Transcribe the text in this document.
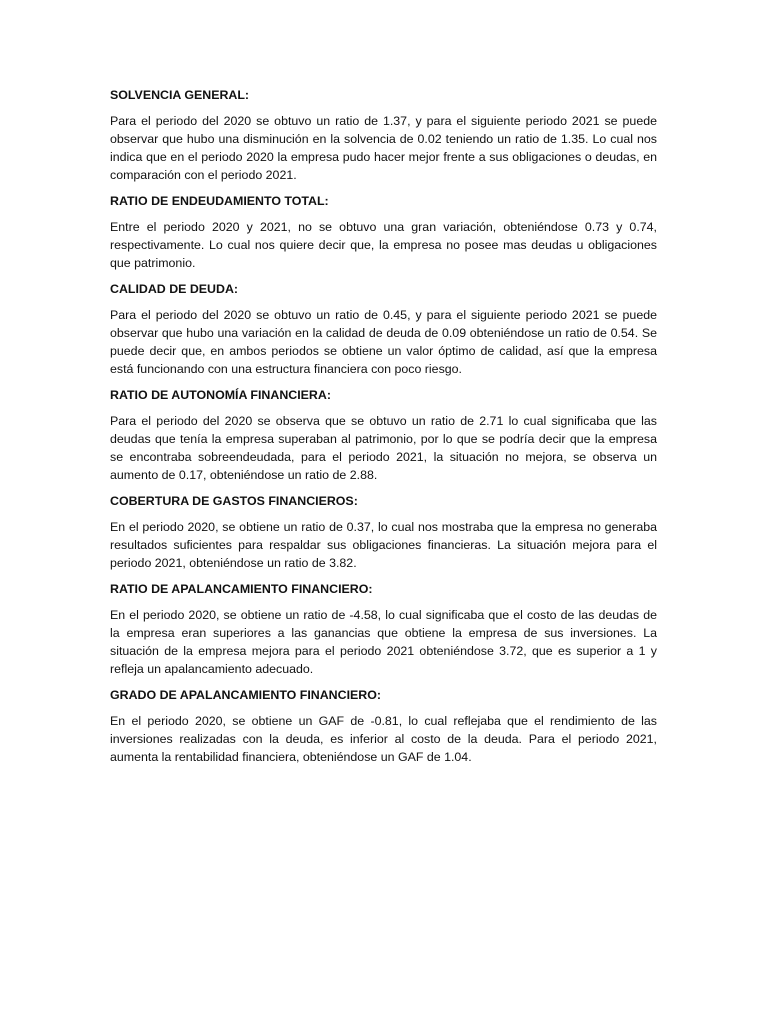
SOLVENCIA GENERAL:

Para el periodo del 2020 se obtuvo un ratio de 1.37, y para el siguiente periodo 2021 se puede observar que hubo una disminución en la solvencia de 0.02 teniendo un ratio de 1.35. Lo cual nos indica que en el periodo 2020 la empresa pudo hacer mejor frente a sus obligaciones o deudas, en comparación con el periodo 2021.

RATIO DE ENDEUDAMIENTO TOTAL:

Entre el periodo 2020 y 2021, no se obtuvo una gran variación, obteniéndose 0.73 y 0.74, respectivamente. Lo cual nos quiere decir que, la empresa no posee mas deudas u obligaciones que patrimonio.

CALIDAD DE DEUDA:

Para el periodo del 2020 se obtuvo un ratio de 0.45, y para el siguiente periodo 2021 se puede observar que hubo una variación en la calidad de deuda de 0.09 obteniéndose un ratio de 0.54. Se puede decir que, en ambos periodos se obtiene un valor óptimo de calidad, así que la empresa está funcionando con una estructura financiera con poco riesgo.

RATIO DE AUTONOMÍA FINANCIERA:

Para el periodo del 2020 se observa que se obtuvo un ratio de 2.71 lo cual significaba que las deudas que tenía la empresa superaban al patrimonio, por lo que se podría decir que la empresa se encontraba sobreendeudada, para el periodo 2021, la situación no mejora, se observa un aumento de 0.17, obteniéndose un ratio de 2.88.

COBERTURA DE GASTOS FINANCIEROS:

En el periodo 2020, se obtiene un ratio de 0.37, lo cual nos mostraba que la empresa no generaba resultados suficientes para respaldar sus obligaciones financieras. La situación mejora para el periodo 2021, obteniéndose un ratio de 3.82.

RATIO DE APALANCAMIENTO FINANCIERO:

En el periodo 2020, se obtiene un ratio de -4.58, lo cual significaba que el costo de las deudas de la empresa eran superiores a las ganancias que obtiene la empresa de sus inversiones. La situación de la empresa mejora para el periodo 2021 obteniéndose 3.72, que es superior a 1 y refleja un apalancamiento adecuado.

GRADO DE APALANCAMIENTO FINANCIERO:

En el periodo 2020, se obtiene un GAF de -0.81, lo cual reflejaba que el rendimiento de las inversiones realizadas con la deuda, es inferior al costo de la deuda. Para el periodo 2021, aumenta la rentabilidad financiera, obteniéndose un GAF de 1.04.
